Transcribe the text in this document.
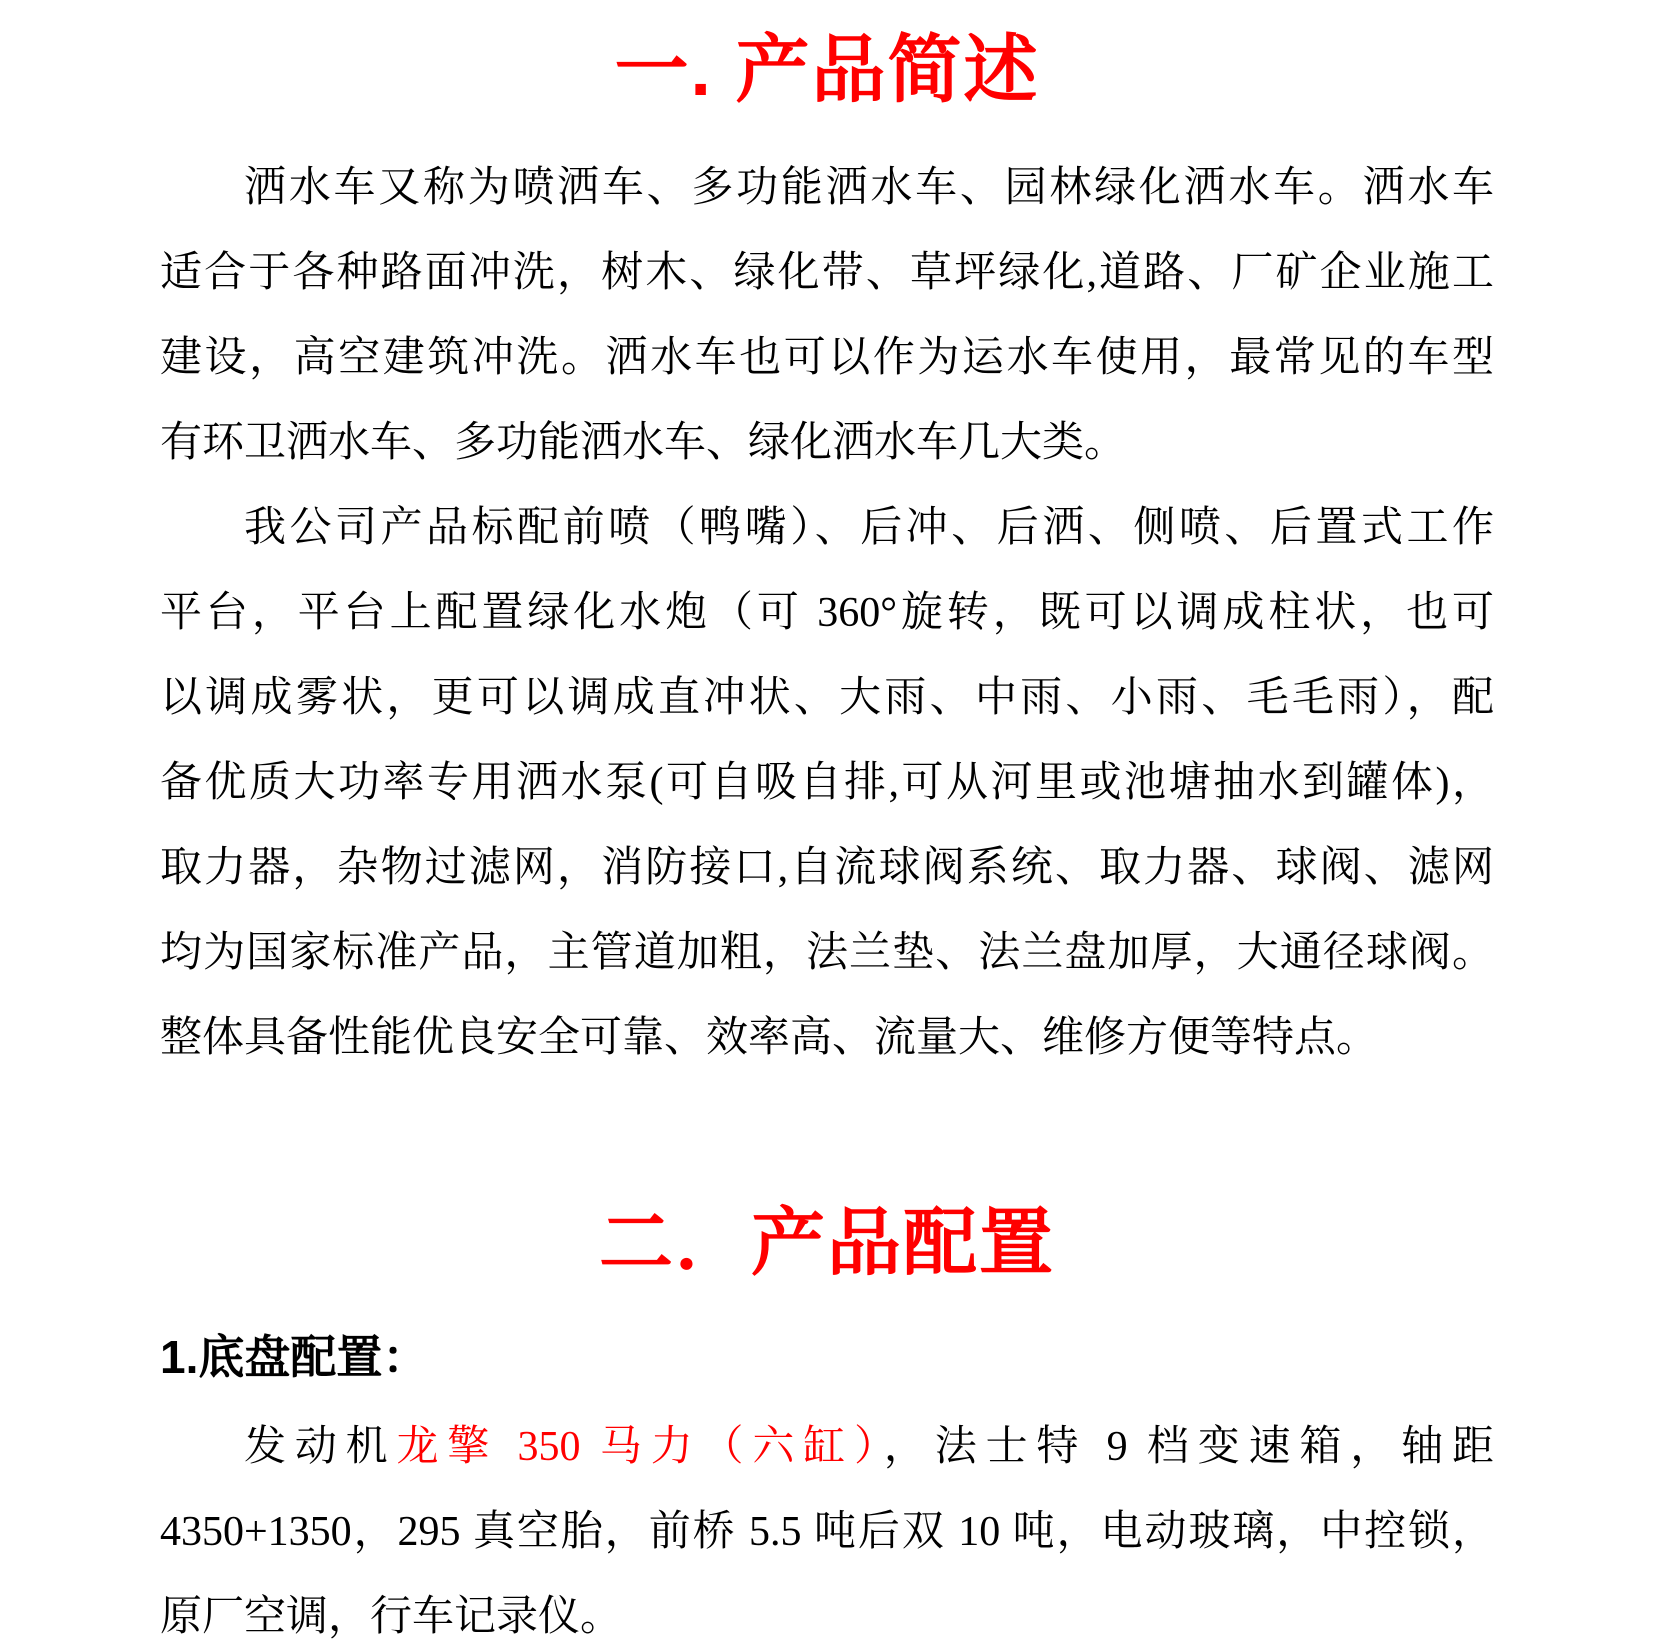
一. 产品简述
洒水车又称为喷洒车、多功能洒水车、园林绿化洒水车。洒水车
适合于各种路面冲洗，树木、绿化带、草坪绿化,道路、厂矿企业施工
建设，高空建筑冲洗。洒水车也可以作为运水车使用，最常见的车型
有环卫洒水车、多功能洒水车、绿化洒水车几大类。
我公司产品标配前喷（鸭嘴）、后冲、后洒、侧喷、后置式工作
平台，平台上配置绿化水炮（可 360°旋转，既可以调成柱状，也可
以调成雾状，更可以调成直冲状、大雨、中雨、小雨、毛毛雨），配
备优质大功率专用洒水泵(可自吸自排,可从河里或池塘抽水到罐体)，
取力器，杂物过滤网，消防接口,自流球阀系统、取力器、球阀、滤网
均为国家标准产品，主管道加粗，法兰垫、法兰盘加厚，大通径球阀。
整体具备性能优良安全可靠、效率高、流量大、维修方便等特点。
二．产品配置
1.底盘配置：
发动机龙擎 350 马力（六缸），法士特 9 档变速箱，轴距
4350+1350，295 真空胎，前桥 5.5 吨后双 10 吨，电动玻璃，中控锁，
原厂空调，行车记录仪。
